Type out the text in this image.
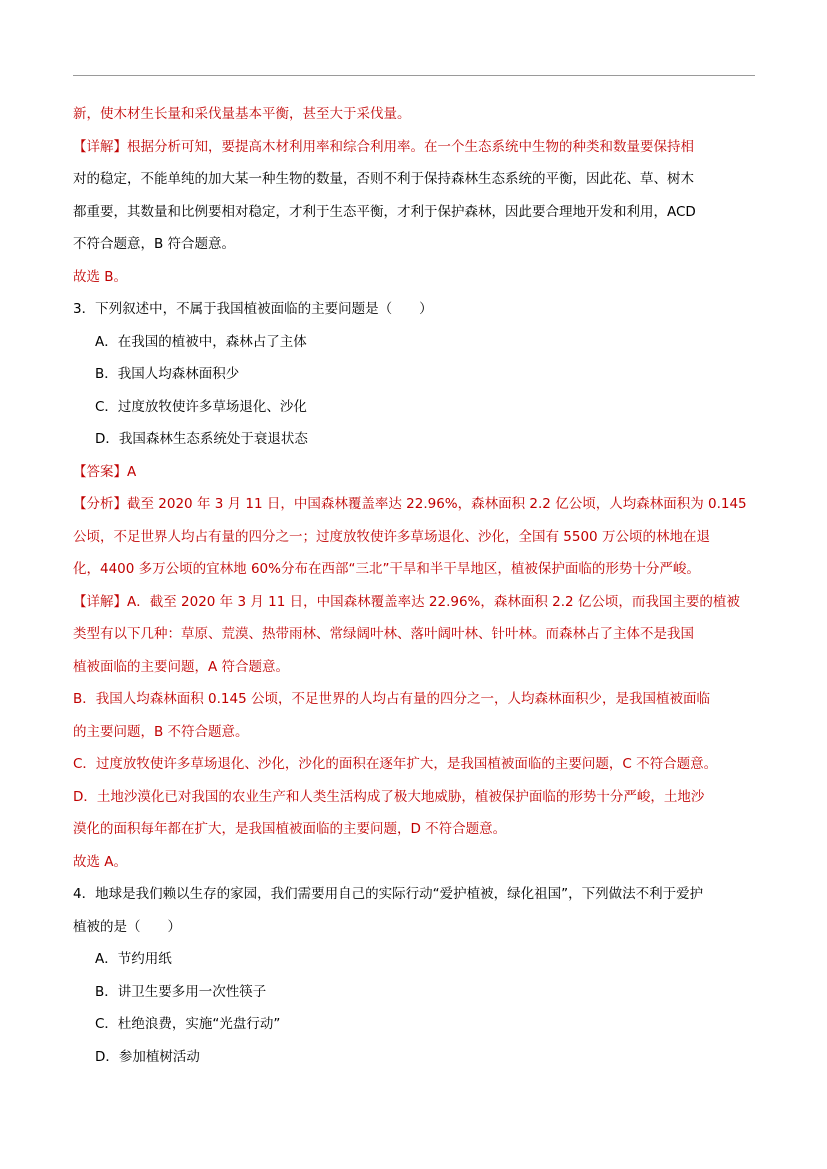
新，使木材生长量和采伐量基本平衡，甚至大于采伐量。

【详解】根据分析可知，要提高木材利用率和综合利用率。在一个生态系统中生物的种类和数量要保持相

对的稳定，不能单纯的加大某一种生物的数量，否则不利于保持森林生态系统的平衡，因此花、草、树木

都重要，其数量和比例要相对稳定，才利于生态平衡，才利于保护森林，因此要合理地开发和利用，ACD

不符合题意，B 符合题意。

故选 B。

3．下列叙述中，不属于我国植被面临的主要问题是（　　）

A．在我国的植被中，森林占了主体

B．我国人均森林面积少

C．过度放牧使许多草场退化、沙化

D．我国森林生态系统处于衰退状态

【答案】A

【分析】截至 2020 年 3 月 11 日，中国森林覆盖率达 22.96%，森林面积 2.2 亿公顷，人均森林面积为 0.145

公顷，不足世界人均占有量的四分之一；过度放牧使许多草场退化、沙化，全国有 5500 万公顷的林地在退

化，4400 多万公顷的宜林地 60%分布在西部“三北”干旱和半干旱地区，植被保护面临的形势十分严峻。

【详解】A．截至 2020 年 3 月 11 日，中国森林覆盖率达 22.96%，森林面积 2.2 亿公顷，而我国主要的植被

类型有以下几种：草原、荒漠、热带雨林、常绿阔叶林、落叶阔叶林、针叶林。而森林占了主体不是我国

植被面临的主要问题，A 符合题意。

B．我国人均森林面积 0.145 公顷，不足世界的人均占有量的四分之一，人均森林面积少，是我国植被面临

的主要问题，B 不符合题意。

C．过度放牧使许多草场退化、沙化，沙化的面积在逐年扩大，是我国植被面临的主要问题，C 不符合题意。

D．土地沙漠化已对我国的农业生产和人类生活构成了极大地威胁，植被保护面临的形势十分严峻，土地沙

漠化的面积每年都在扩大，是我国植被面临的主要问题，D 不符合题意。

故选 A。

4．地球是我们赖以生存的家园，我们需要用自己的实际行动“爱护植被，绿化祖国”，下列做法不利于爱护

植被的是（　　）

A．节约用纸

B．讲卫生要多用一次性筷子

C．杜绝浪费，实施“光盘行动”

D．参加植树活动
